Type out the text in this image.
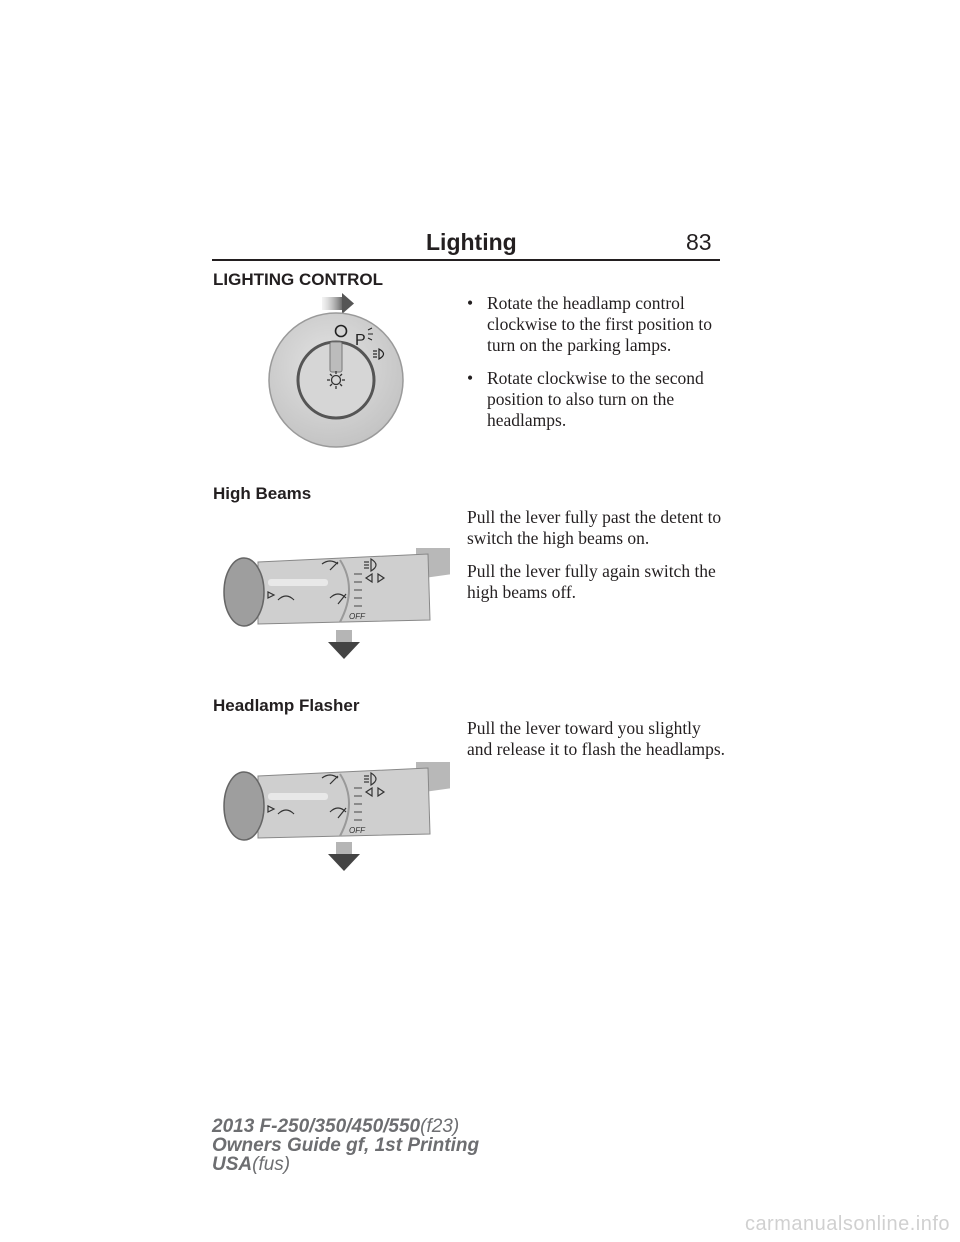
Lighting	83
LIGHTING CONTROL
P
• Rotate the headlamp control clockwise to the first position to turn on the parking lamps.
• Rotate clockwise to the second position to also turn on the headlamps.
High Beams

Pull the lever fully past the detent to switch the high beams on.

Pull the lever fully again switch the high beams off.

OFF
Headlamp Flasher

Pull the lever toward you slightly and release it to flash the headlamps.

OFF
2013 F-250/350/450/550(f23)
Owners Guide gf, 1st Printing
USA(fus)
carmanualsonline.info
